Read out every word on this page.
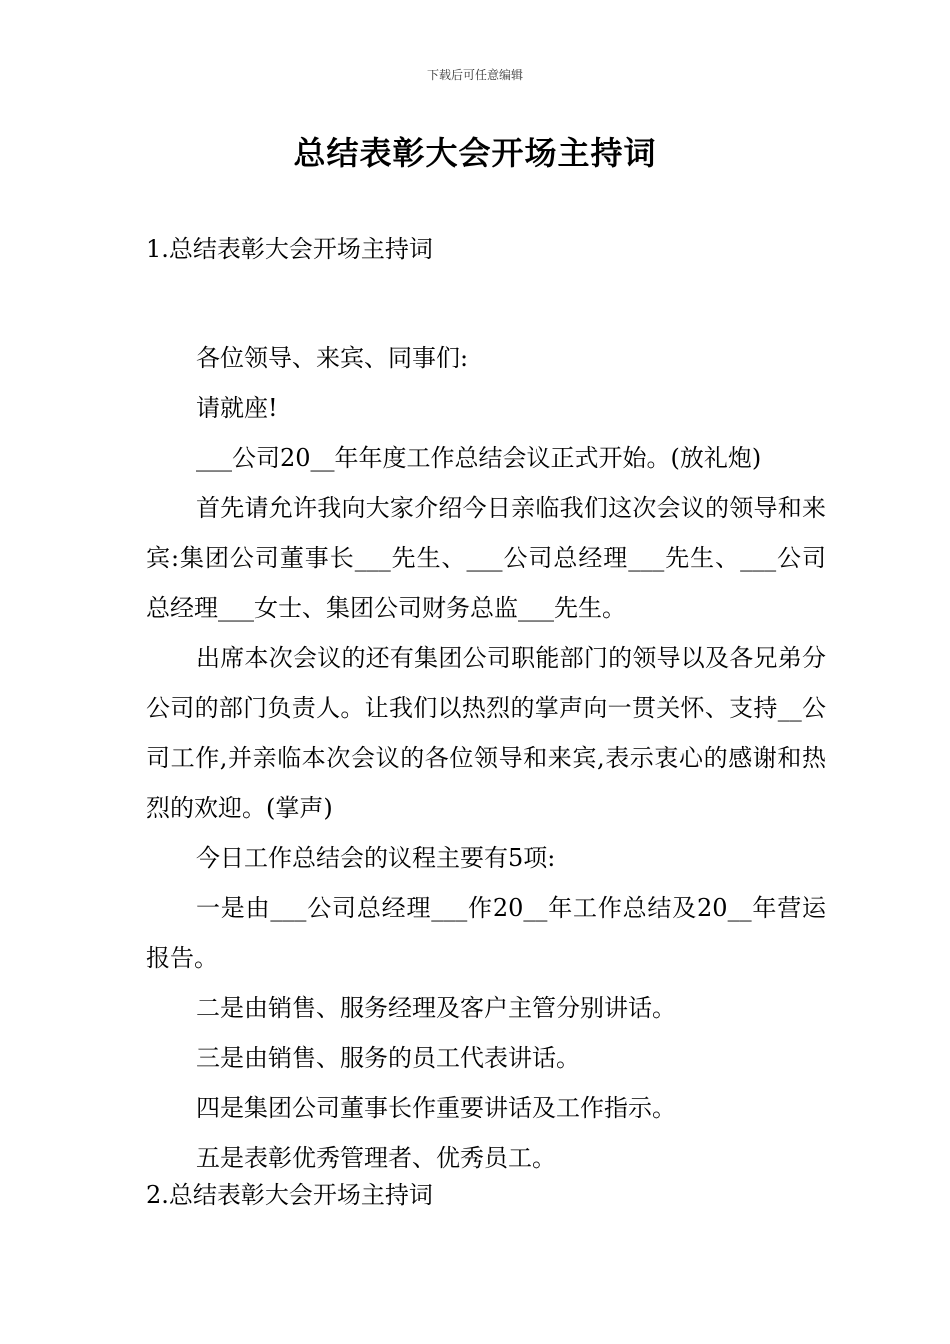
下载后可任意编辑
总结表彰大会开场主持词
1.总结表彰大会开场主持词

各位领导、来宾、同事们:

请就座!

___公司20__年年度工作总结会议正式开始。(放礼炮)

首先请允许我向大家介绍今日亲临我们这次会议的领导和来宾:集团公司董事长___先生、___公司总经理___先生、___公司总经理___女士、集团公司财务总监___先生。

出席本次会议的还有集团公司职能部门的领导以及各兄弟分公司的部门负责人。让我们以热烈的掌声向一贯关怀、支持__公司工作,并亲临本次会议的各位领导和来宾,表示衷心的感谢和热烈的欢迎。(掌声)

今日工作总结会的议程主要有5项:

一是由___公司总经理___作20__年工作总结及20__年营运报告。

二是由销售、服务经理及客户主管分别讲话。

三是由销售、服务的员工代表讲话。

四是集团公司董事长作重要讲话及工作指示。

五是表彰优秀管理者、优秀员工。

2.总结表彰大会开场主持词
